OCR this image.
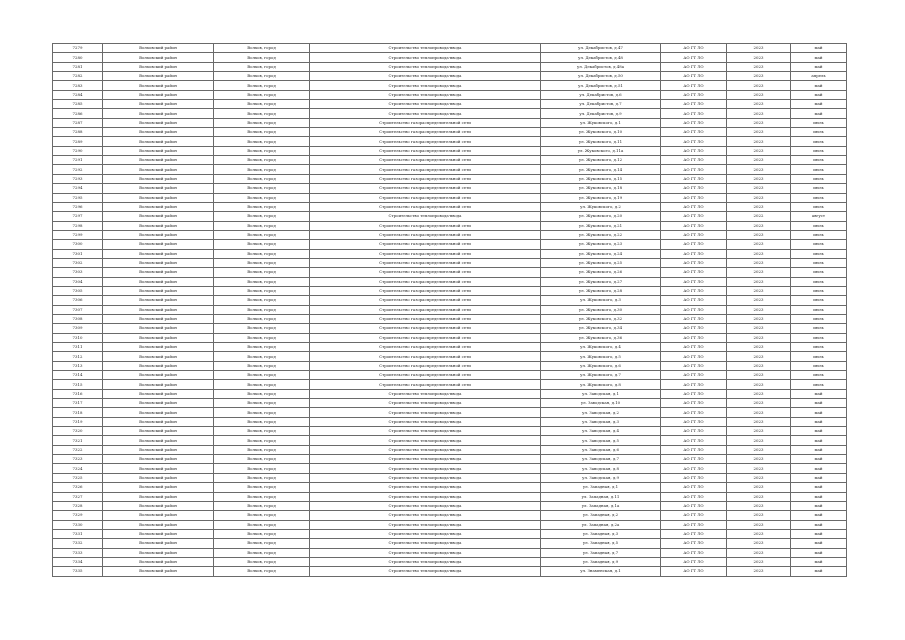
7279	Волховский район	Волхов, город	Строительство теплопровода-ввода	ул. Декабристов, д.47	АО ГТ ЛО	2023	май
7280	Волховский район	Волхов, город	Строительство теплопровода-ввода	ул. Декабристов, д.48	АО ГТ ЛО	2023	май
7281	Волховский район	Волхов, город	Строительство теплопровода-ввода	ул. Декабристов, д.48а	АО ГТ ЛО	2023	май
7282	Волховский район	Волхов, город	Строительство теплопровода-ввода	ул. Декабристов, д.50	АО ГТ ЛО	2023	апрель
7283	Волховский район	Волхов, город	Строительство теплопровода-ввода	ул. Декабристов, д.51	АО ГТ ЛО	2023	май
7284	Волховский район	Волхов, город	Строительство теплопровода-ввода	ул. Декабристов, д.6	АО ГТ ЛО	2023	май
7285	Волховский район	Волхов, город	Строительство теплопровода-ввода	ул. Декабристов, д.7	АО ГТ ЛО	2023	май
7286	Волховский район	Волхов, город	Строительство теплопровода-ввода	ул. Декабристов, д.9	АО ГТ ЛО	2023	май
7287	Волховский район	Волхов, город	Строительство газораспределительной сети	ул. Жуковского, д.1	АО ГТ ЛО	2023	июль
7288	Волховский район	Волхов, город	Строительство газораспределительной сети	ул. Жуковского, д.10	АО ГТ ЛО	2023	июль
7289	Волховский район	Волхов, город	Строительство газораспределительной сети	ул. Жуковского, д.11	АО ГТ ЛО	2023	июль
7290	Волховский район	Волхов, город	Строительство газораспределительной сети	ул. Жуковского, д.11а	АО ГТ ЛО	2023	июль
7291	Волховский район	Волхов, город	Строительство газораспределительной сети	ул. Жуковского, д.12	АО ГТ ЛО	2023	июль
7292	Волховский район	Волхов, город	Строительство газораспределительной сети	ул. Жуковского, д.14	АО ГТ ЛО	2023	июль
7293	Волховский район	Волхов, город	Строительство газораспределительной сети	ул. Жуковского, д.15	АО ГТ ЛО	2023	июль
7294	Волховский район	Волхов, город	Строительство газораспределительной сети	ул. Жуковского, д.18	АО ГТ ЛО	2023	июль
7295	Волховский район	Волхов, город	Строительство газораспределительной сети	ул. Жуковского, д.19	АО ГТ ЛО	2023	июль
7296	Волховский район	Волхов, город	Строительство газораспределительной сети	ул. Жуковского, д.2	АО ГТ ЛО	2023	июль
7297	Волховский район	Волхов, город	Строительство теплопровода-ввода	ул. Жуковского, д.20	АО ГТ ЛО	2022	август
7298	Волховский район	Волхов, город	Строительство газораспределительной сети	ул. Жуковского, д.21	АО ГТ ЛО	2023	июль
7299	Волховский район	Волхов, город	Строительство газораспределительной сети	ул. Жуковского, д.22	АО ГТ ЛО	2023	июль
7300	Волховский район	Волхов, город	Строительство газораспределительной сети	ул. Жуковского, д.23	АО ГТ ЛО	2023	июль
7301	Волховский район	Волхов, город	Строительство газораспределительной сети	ул. Жуковского, д.24	АО ГТ ЛО	2023	июль
7302	Волховский район	Волхов, город	Строительство газораспределительной сети	ул. Жуковского, д.25	АО ГТ ЛО	2023	июль
7303	Волховский район	Волхов, город	Строительство газораспределительной сети	ул. Жуковского, д.26	АО ГТ ЛО	2023	июль
7304	Волховский район	Волхов, город	Строительство газораспределительной сети	ул. Жуковского, д.27	АО ГТ ЛО	2023	июль
7305	Волховский район	Волхов, город	Строительство газораспределительной сети	ул. Жуковского, д.28	АО ГТ ЛО	2023	июль
7306	Волховский район	Волхов, город	Строительство газораспределительной сети	ул. Жуковского, д.3	АО ГТ ЛО	2023	июль
7307	Волховский район	Волхов, город	Строительство газораспределительной сети	ул. Жуковского, д.30	АО ГТ ЛО	2023	июль
7308	Волховский район	Волхов, город	Строительство газораспределительной сети	ул. Жуковского, д.32	АО ГТ ЛО	2023	июль
7309	Волховский район	Волхов, город	Строительство газораспределительной сети	ул. Жуковского, д.34	АО ГТ ЛО	2023	июль
7310	Волховский район	Волхов, город	Строительство газораспределительной сети	ул. Жуковского, д.36	АО ГТ ЛО	2023	июль
7311	Волховский район	Волхов, город	Строительство газораспределительной сети	ул. Жуковского, д.4	АО ГТ ЛО	2023	июль
7312	Волховский район	Волхов, город	Строительство газораспределительной сети	ул. Жуковского, д.5	АО ГТ ЛО	2023	июль
7313	Волховский район	Волхов, город	Строительство газораспределительной сети	ул. Жуковского, д.6	АО ГТ ЛО	2023	июль
7314	Волховский район	Волхов, город	Строительство газораспределительной сети	ул. Жуковского, д.7	АО ГТ ЛО	2023	июль
7315	Волховский район	Волхов, город	Строительство газораспределительной сети	ул. Жуковского, д.8	АО ГТ ЛО	2023	июль
7316	Волховский район	Волхов, город	Строительство теплопровода-ввода	ул. Заводская, д.1	АО ГТ ЛО	2023	май
7317	Волховский район	Волхов, город	Строительство теплопровода-ввода	ул. Заводская, д.10	АО ГТ ЛО	2023	май
7318	Волховский район	Волхов, город	Строительство теплопровода-ввода	ул. Заводская, д.2	АО ГТ ЛО	2023	май
7319	Волховский район	Волхов, город	Строительство теплопровода-ввода	ул. Заводская, д.3	АО ГТ ЛО	2023	май
7320	Волховский район	Волхов, город	Строительство теплопровода-ввода	ул. Заводская, д.4	АО ГТ ЛО	2023	май
7321	Волховский район	Волхов, город	Строительство теплопровода-ввода	ул. Заводская, д.5	АО ГТ ЛО	2023	май
7322	Волховский район	Волхов, город	Строительство теплопровода-ввода	ул. Заводская, д.6	АО ГТ ЛО	2023	май
7323	Волховский район	Волхов, город	Строительство теплопровода-ввода	ул. Заводская, д.7	АО ГТ ЛО	2023	май
7324	Волховский район	Волхов, город	Строительство теплопровода-ввода	ул. Заводская, д.8	АО ГТ ЛО	2023	май
7325	Волховский район	Волхов, город	Строительство теплопровода-ввода	ул. Заводская, д.9	АО ГТ ЛО	2023	май
7326	Волховский район	Волхов, город	Строительство теплопровода-ввода	ул. Западная, д.1	АО ГТ ЛО	2023	май
7327	Волховский район	Волхов, город	Строительство теплопровода-ввода	ул. Западная, д.11	АО ГТ ЛО	2023	май
7328	Волховский район	Волхов, город	Строительство теплопровода-ввода	ул. Западная, д.1а	АО ГТ ЛО	2023	май
7329	Волховский район	Волхов, город	Строительство теплопровода-ввода	ул. Западная, д.2	АО ГТ ЛО	2023	май
7330	Волховский район	Волхов, город	Строительство теплопровода-ввода	ул. Западная, д.2а	АО ГТ ЛО	2023	май
7331	Волховский район	Волхов, город	Строительство теплопровода-ввода	ул. Западная, д.3	АО ГТ ЛО	2023	май
7332	Волховский район	Волхов, город	Строительство теплопровода-ввода	ул. Западная, д.5	АО ГТ ЛО	2023	май
7333	Волховский район	Волхов, город	Строительство теплопровода-ввода	ул. Западная, д.7	АО ГТ ЛО	2023	май
7334	Волховский район	Волхов, город	Строительство теплопровода-ввода	ул. Западная, д.9	АО ГТ ЛО	2023	май
7335	Волховский район	Волхов, город	Строительство теплопровода-ввода	ул. Знаменская, д.1	АО ГТ ЛО	2023	май
